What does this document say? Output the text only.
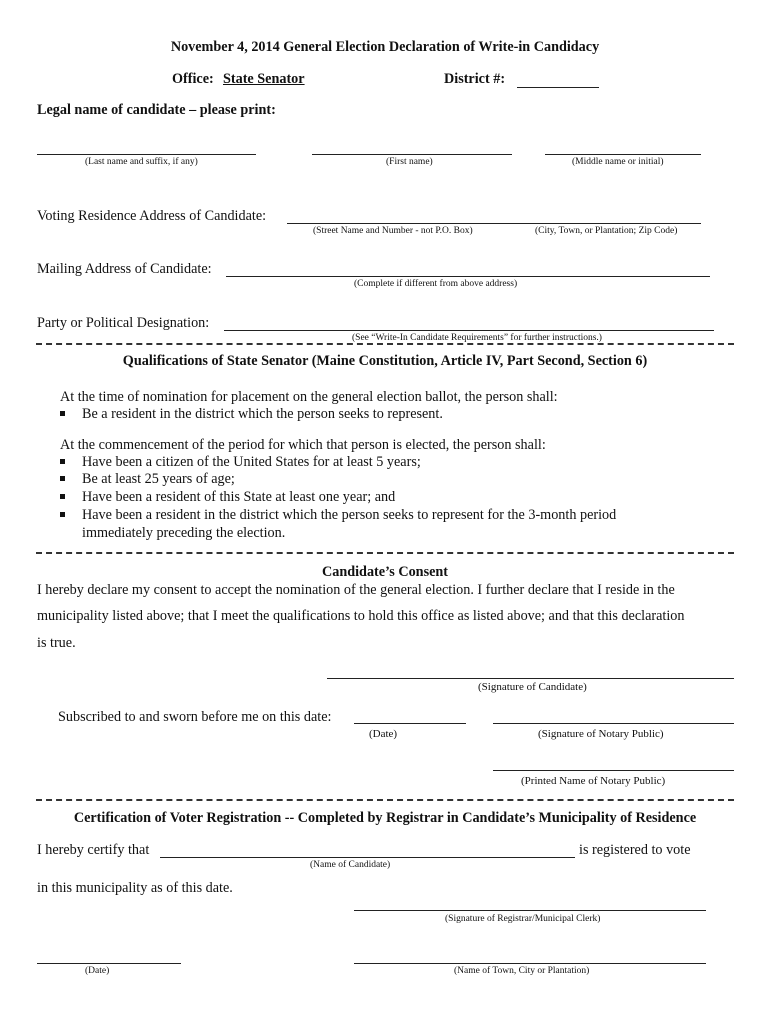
November 4, 2014 General Election Declaration of Write-in Candidacy
Office: State Senator	District #:
Legal name of candidate – please print:
(Last name and suffix, if any)	(First name)	(Middle name or initial)
Voting Residence Address of Candidate:
(Street Name and Number - not P.O. Box)	(City, Town, or Plantation; Zip Code)
Mailing Address of Candidate:
(Complete if different from above address)
Party or Political Designation:
(See “Write-In Candidate Requirements” for further instructions.)
Qualifications of State Senator (Maine Constitution, Article IV, Part Second, Section 6)
At the time of nomination for placement on the general election ballot, the person shall:
Be a resident in the district which the person seeks to represent.
At the commencement of the period for which that person is elected, the person shall:
Have been a citizen of the United States for at least 5 years;
Be at least 25 years of age;
Have been a resident of this State at least one year; and
Have been a resident in the district which the person seeks to represent for the 3-month period
immediately preceding the election.
Candidate’s Consent
I hereby declare my consent to accept the nomination of the general election. I further declare that I reside in the
municipality listed above; that I meet the qualifications to hold this office as listed above; and that this declaration
is true.
(Signature of Candidate)
Subscribed to and sworn before me on this date:
(Date)	(Signature of Notary Public)
(Printed Name of Notary Public)
Certification of Voter Registration -- Completed by Registrar in Candidate’s Municipality of Residence
I hereby certify that	is registered to vote
(Name of Candidate)
in this municipality as of this date.
(Signature of Registrar/Municipal Clerk)
(Date)	(Name of Town, City or Plantation)
